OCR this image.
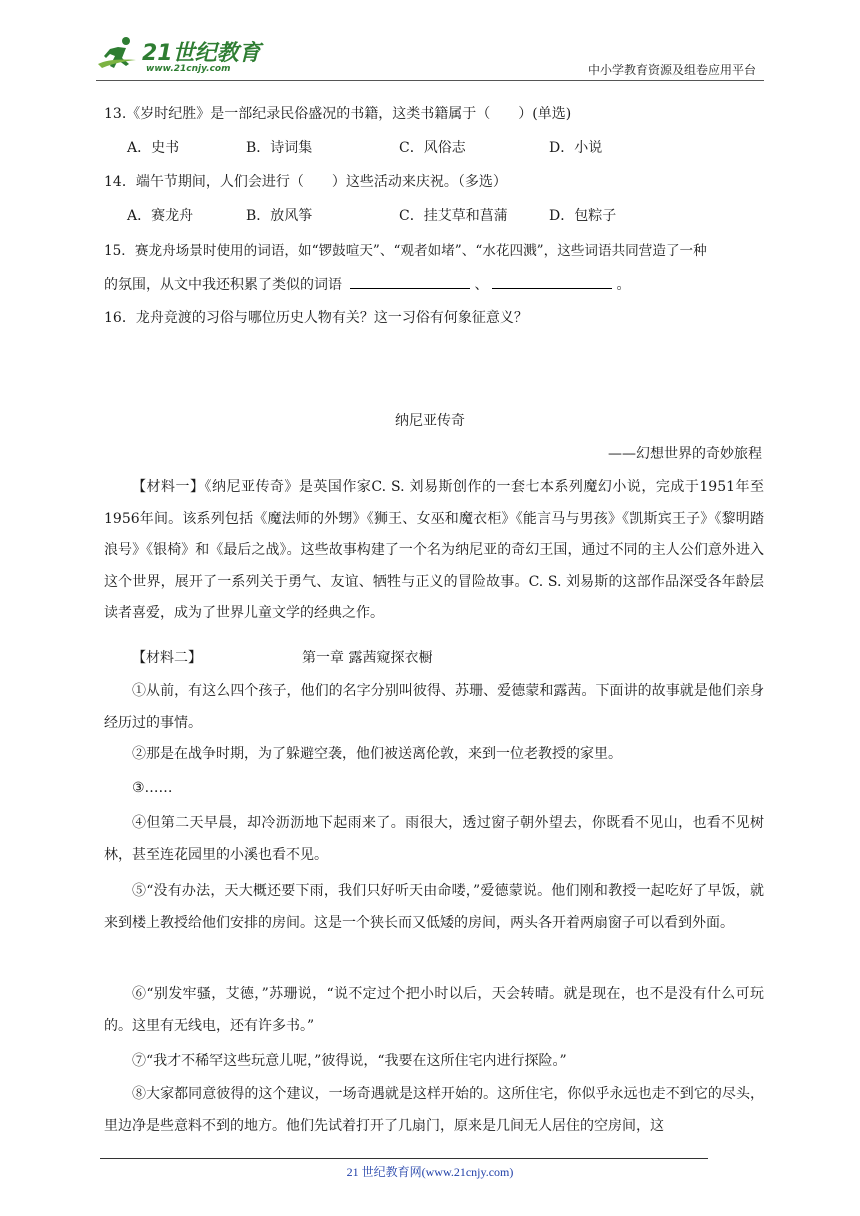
21世纪教育
www.21cnjy.com	中小学教育资源及组卷应用平台
13.《岁时纪胜》是一部纪录民俗盛况的书籍，这类书籍属于（　　）(单选)
A．史书	B．诗词集	C．风俗志	D．小说
14．端午节期间，人们会进行（　　）这些活动来庆祝。（多选）
A．赛龙舟	B．放风筝	C．挂艾草和菖蒲	D．包粽子
15．赛龙舟场景时使用的词语，如“锣鼓喧天”、“观者如堵”、“水花四溅”，这些词语共同营造了一种
的氛围，从文中我还积累了类似的词语	、	。
16．龙舟竞渡的习俗与哪位历史人物有关？这一习俗有何象征意义？
纳尼亚传奇
——幻想世界的奇妙旅程
【材料一】《纳尼亚传奇》是英国作家C. S. 刘易斯创作的一套七本系列魔幻小说，完成于1951年至1956年间。该系列包括《魔法师的外甥》《狮王、女巫和魔衣柜》《能言马与男孩》《凯斯宾王子》《黎明踏浪号》《银椅》和《最后之战》。这些故事构建了一个名为纳尼亚的奇幻王国，通过不同的主人公们意外进入这个世界，展开了一系列关于勇气、友谊、牺牲与正义的冒险故事。C. S. 刘易斯的这部作品深受各年龄层读者喜爱，成为了世界儿童文学的经典之作。
【材料二】	第一章 露茜窥探衣橱
①从前，有这么四个孩子，他们的名字分别叫彼得、苏珊、爱德蒙和露茜。下面讲的故事就是他们亲身经历过的事情。
②那是在战争时期，为了躲避空袭，他们被送离伦敦，来到一位老教授的家里。
③……
④但第二天早晨，却冷沥沥地下起雨来了。雨很大，透过窗子朝外望去，你既看不见山，也看不见树林，甚至连花园里的小溪也看不见。
⑤“没有办法，天大概还要下雨，我们只好听天由命喽，”爱德蒙说。他们刚和教授一起吃好了早饭，就来到楼上教授给他们安排的房间。这是一个狭长而又低矮的房间，两头各开着两扇窗子可以看到外面。
⑥“别发牢骚，艾德，”苏珊说，“说不定过个把小时以后，天会转晴。就是现在，也不是没有什么可玩的。这里有无线电，还有许多书。”
⑦“我才不稀罕这些玩意儿呢，”彼得说，“我要在这所住宅内进行探险。”
⑧大家都同意彼得的这个建议，一场奇遇就是这样开始的。这所住宅，你似乎永远也走不到它的尽头，里边净是些意料不到的地方。他们先试着打开了几扇门，原来是几间无人居住的空房间，这
21 世纪教育网(www.21cnjy.com)
